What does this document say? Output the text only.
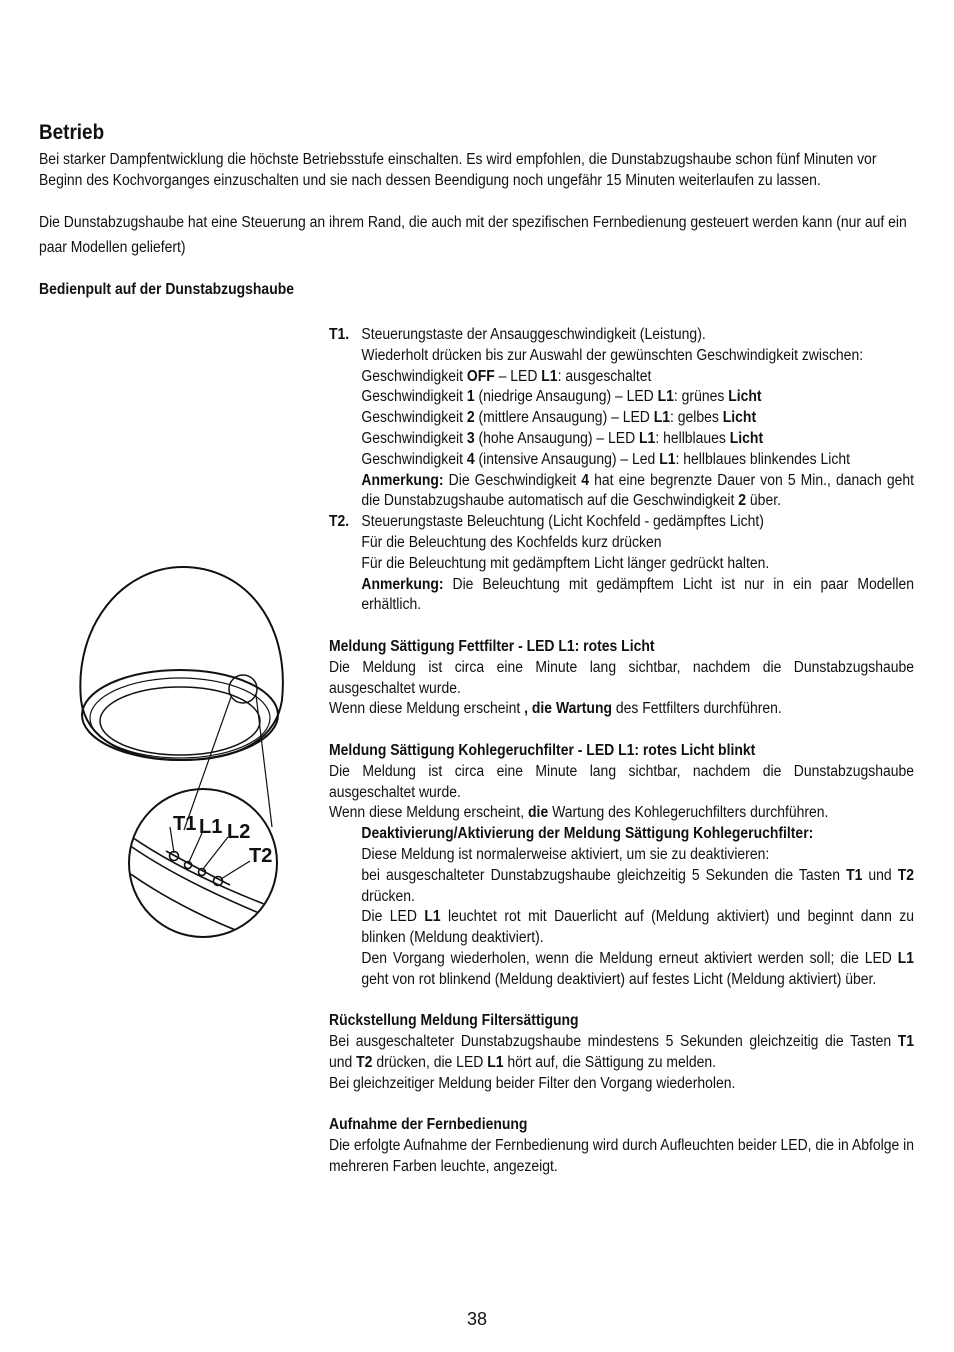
Betrieb

Bei starker Dampfentwicklung die höchste Betriebsstufe einschalten. Es wird empfohlen, die Dunstabzugshaube schon fünf Minuten vor Beginn des Kochvorganges einzuschalten und sie nach dessen Beendigung noch ungefähr 15 Minuten weiterlaufen zu lassen.

Die Dunstabzugshaube hat eine Steuerung an ihrem Rand, die auch mit der spezifischen Fernbedienung gesteuert werden kann (nur auf ein paar Modellen geliefert)

Bedienpult auf der Dunstabzugshaube
T1 L1 L2
T2
T1. Steuerungstaste der Ansauggeschwindigkeit (Leistung).

Wiederholt drücken bis zur Auswahl der gewünschten Geschwindigkeit zwischen:

Geschwindigkeit OFF – LED L1: ausgeschaltet

Geschwindigkeit 1 (niedrige Ansaugung) – LED L1: grünes Licht

Geschwindigkeit 2 (mittlere Ansaugung) – LED L1: gelbes Licht

Geschwindigkeit 3 (hohe Ansaugung) – LED L1: hellblaues Licht

Geschwindigkeit 4 (intensive Ansaugung) – Led L1: hellblaues blinkendes Licht

Anmerkung: Die Geschwindigkeit 4 hat eine begrenzte Dauer von 5 Min., danach geht die Dunstabzugshaube automatisch auf die Geschwindigkeit 2 über.

T2. Steuerungstaste Beleuchtung (Licht Kochfeld - gedämpftes Licht)

Für die Beleuchtung des Kochfelds kurz drücken

Für die Beleuchtung mit gedämpftem Licht länger gedrückt halten.

Anmerkung: Die Beleuchtung mit gedämpftem Licht ist nur in ein paar Modellen erhältlich.

Meldung Sättigung Fettfilter - LED L1: rotes Licht

Die Meldung ist circa eine Minute lang sichtbar, nachdem die Dunstabzugshaube ausgeschaltet wurde.

Wenn diese Meldung erscheint , die Wartung des Fettfilters durchführen.

Meldung Sättigung Kohlegeruchfilter - LED L1: rotes Licht blinkt

Die Meldung ist circa eine Minute lang sichtbar, nachdem die Dunstabzugshaube ausgeschaltet wurde.

Wenn diese Meldung erscheint, die Wartung des Kohlegeruchfilters durchführen.

Deaktivierung/Aktivierung der Meldung Sättigung Kohlegeruchfilter:

Diese Meldung ist normalerweise aktiviert, um sie zu deaktivieren:

bei ausgeschalteter Dunstabzugshaube gleichzeitig 5 Sekunden die Tasten T1 und T2 drücken.

Die LED L1 leuchtet rot mit Dauerlicht auf (Meldung aktiviert) und beginnt dann zu blinken (Meldung deaktiviert).

Den Vorgang wiederholen, wenn die Meldung erneut aktiviert werden soll; die LED L1 geht von rot blinkend (Meldung deaktiviert) auf festes Licht (Meldung aktiviert) über.

Rückstellung Meldung Filtersättigung

Bei ausgeschalteter Dunstabzugshaube mindestens 5 Sekunden gleichzeitig die Tasten T1 und T2 drücken, die LED L1 hört auf, die Sättigung zu melden.

Bei gleichzeitiger Meldung beider Filter den Vorgang wiederholen.

Aufnahme der Fernbedienung

Die erfolgte Aufnahme der Fernbedienung wird durch Aufleuchten beider LED, die in Abfolge in mehreren Farben leuchte, angezeigt.

38
